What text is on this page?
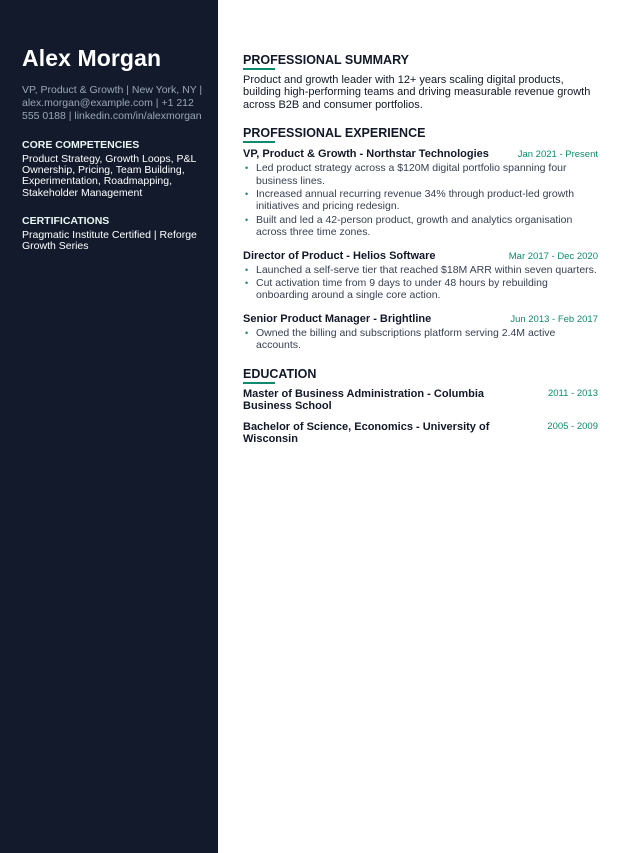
Alex Morgan
VP, Product & Growth | New York, NY | alex.morgan@example.com | +1 212 555 0188 | linkedin.com/in/alexmorgan
CORE COMPETENCIES
Product Strategy, Growth Loops, P&L Ownership, Pricing, Team Building, Experimentation, Roadmapping, Stakeholder Management
CERTIFICATIONS
Pragmatic Institute Certified | Reforge Growth Series
PROFESSIONAL SUMMARY

Product and growth leader with 12+ years scaling digital products, building high-performing teams and driving measurable revenue growth across B2B and consumer portfolios.

PROFESSIONAL EXPERIENCE
VP, Product & Growth - Northstar Technologies	Jan 2021 - Present
• Led product strategy across a $120M digital portfolio spanning four business lines.
• Increased annual recurring revenue 34% through product-led growth initiatives and pricing redesign.
• Built and led a 42-person product, growth and analytics organisation across three time zones.
Director of Product - Helios Software	Mar 2017 - Dec 2020
• Launched a self-serve tier that reached $18M ARR within seven quarters.
• Cut activation time from 9 days to under 48 hours by rebuilding onboarding around a single core action.
Senior Product Manager - Brightline	Jun 2013 - Feb 2017
• Owned the billing and subscriptions platform serving 2.4M active accounts.
EDUCATION
Master of Business Administration - Columbia Business School
2011 - 2013
Bachelor of Science, Economics - University of Wisconsin
2005 - 2009
